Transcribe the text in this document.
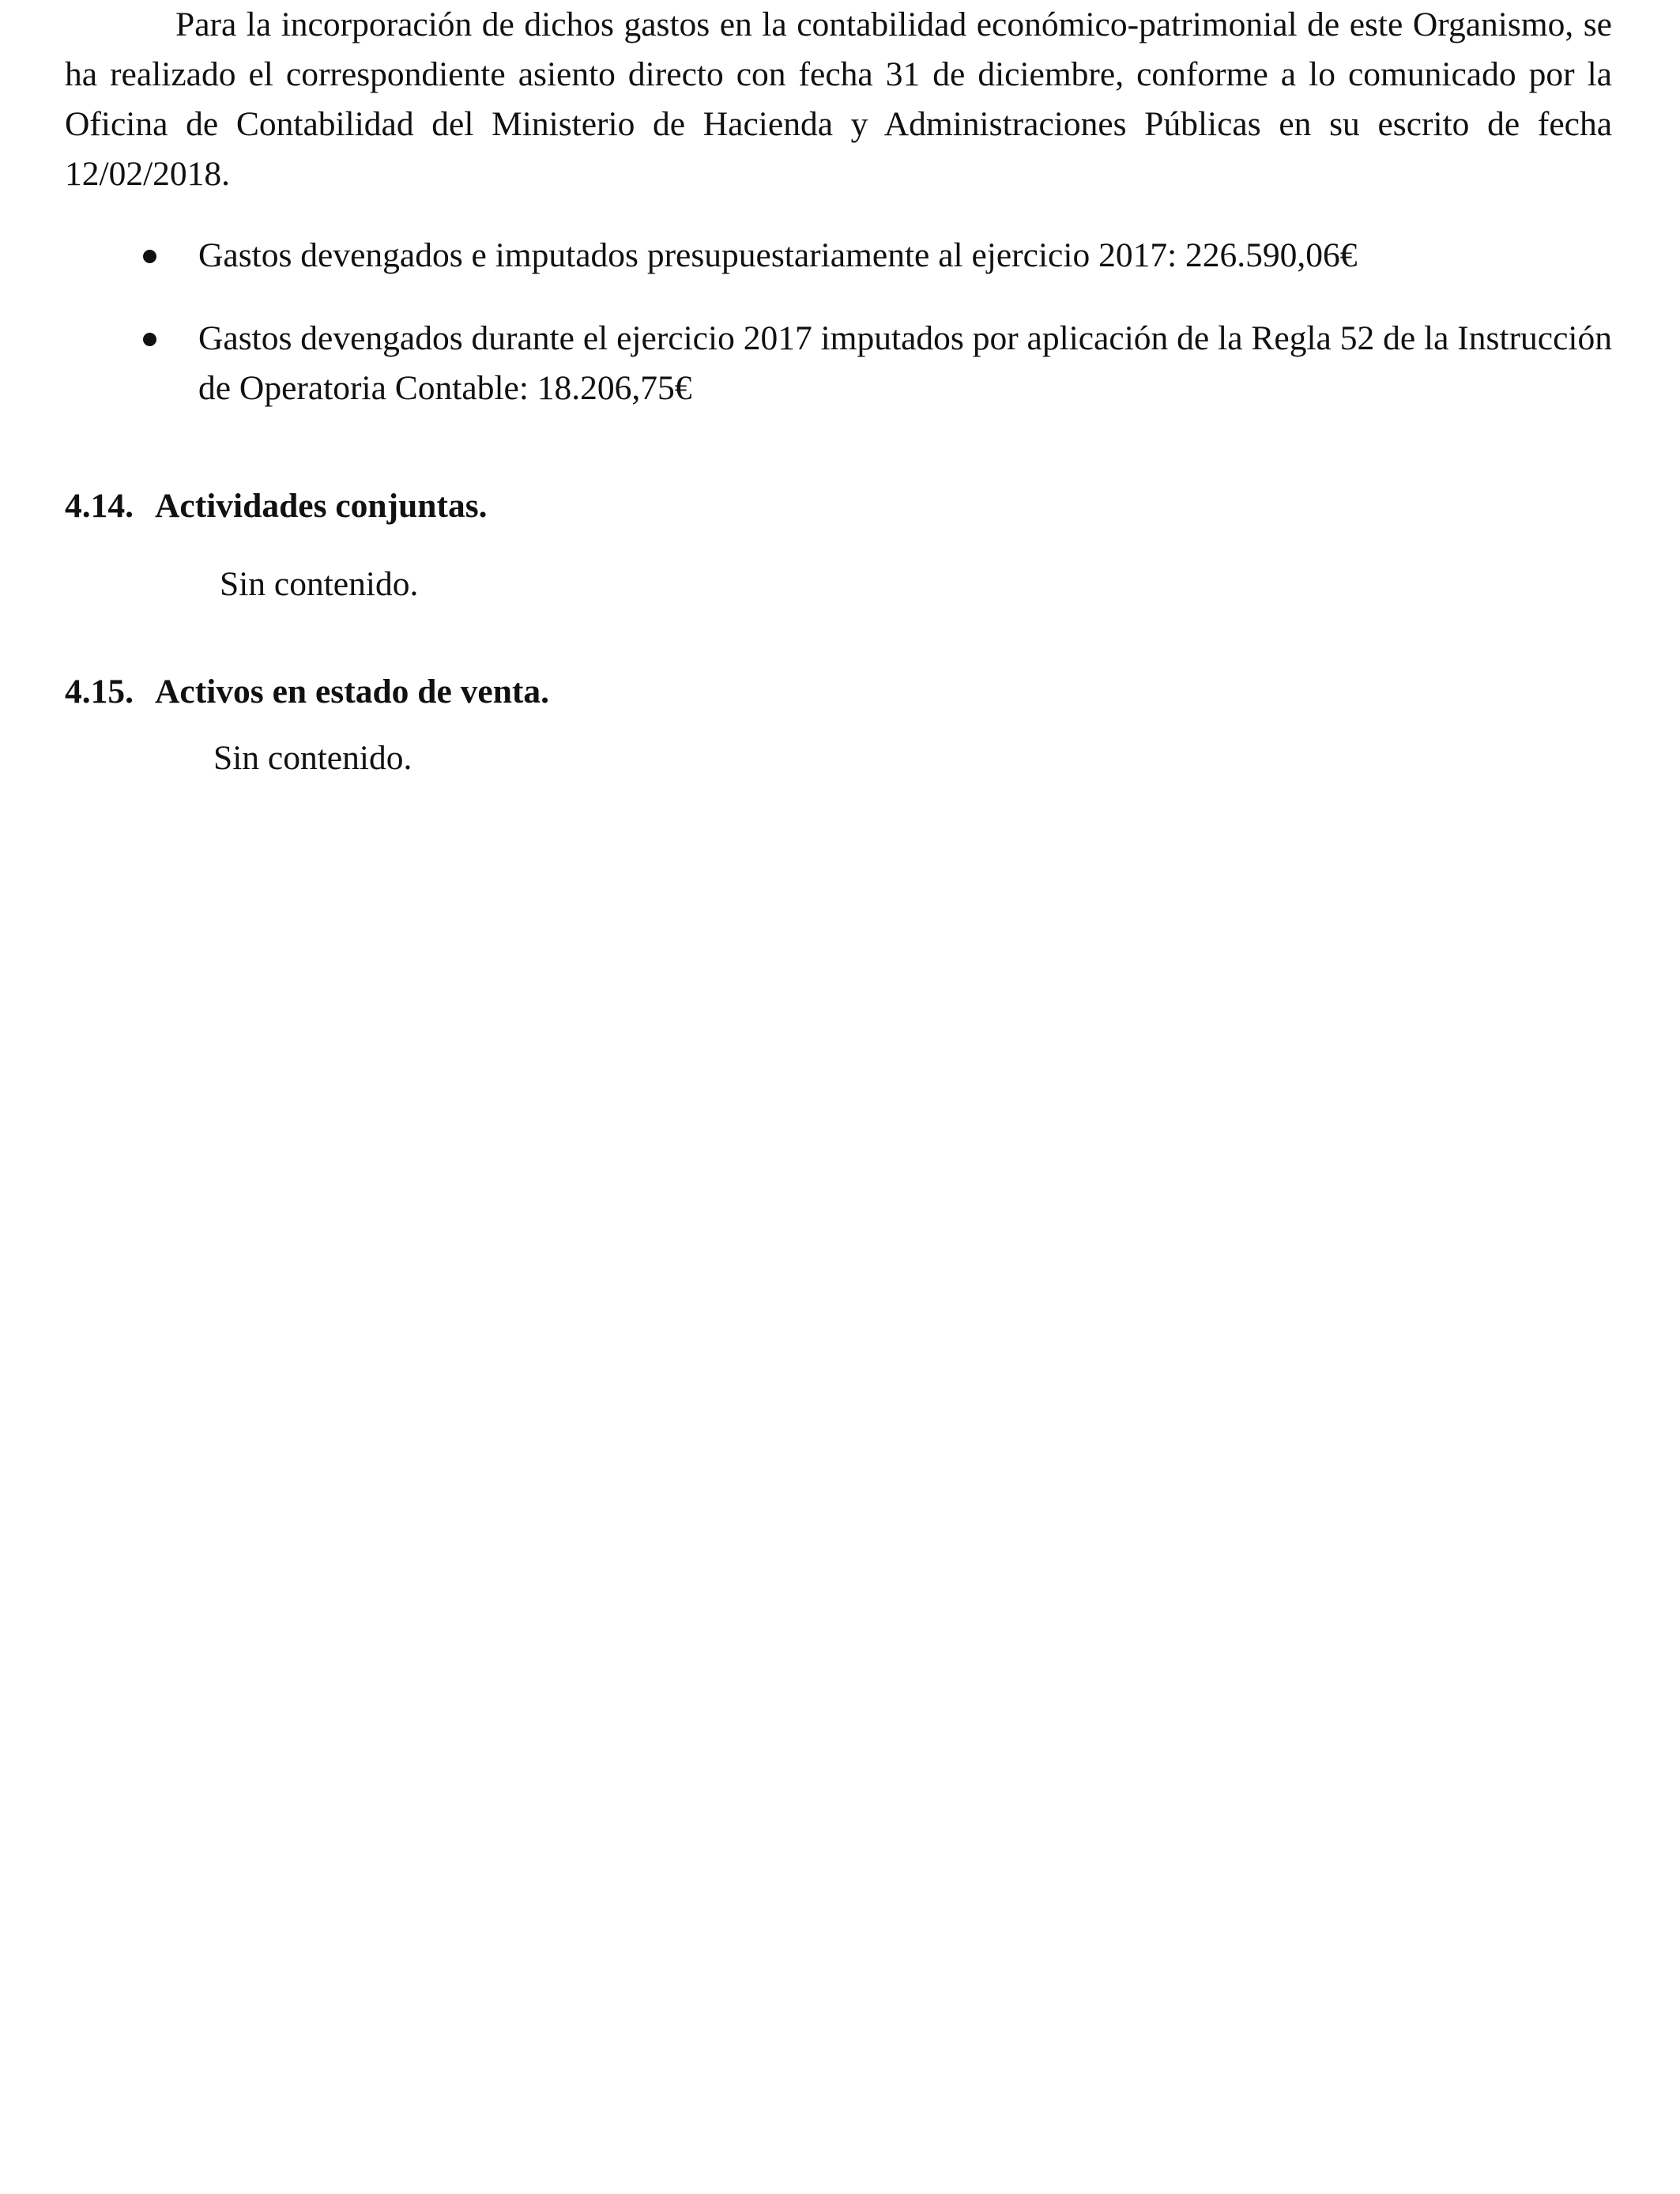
Para la incorporación de dichos gastos en la contabilidad económico-patrimonial de este Organismo, se ha realizado el correspondiente asiento directo con fecha 31 de diciembre, conforme a lo comunicado por la Oficina de Contabilidad del Ministerio de Hacienda y Administraciones Públicas en su escrito de fecha 12/02/2018.

Gastos devengados e imputados presupuestariamente al ejercicio 2017: 226.590,06€

Gastos devengados durante el ejercicio 2017 imputados por aplicación de la Regla 52 de la Instrucción de Operatoria Contable: 18.206,75€

4.14. Actividades conjuntas.

Sin contenido.

4.15. Activos en estado de venta.

Sin contenido.
